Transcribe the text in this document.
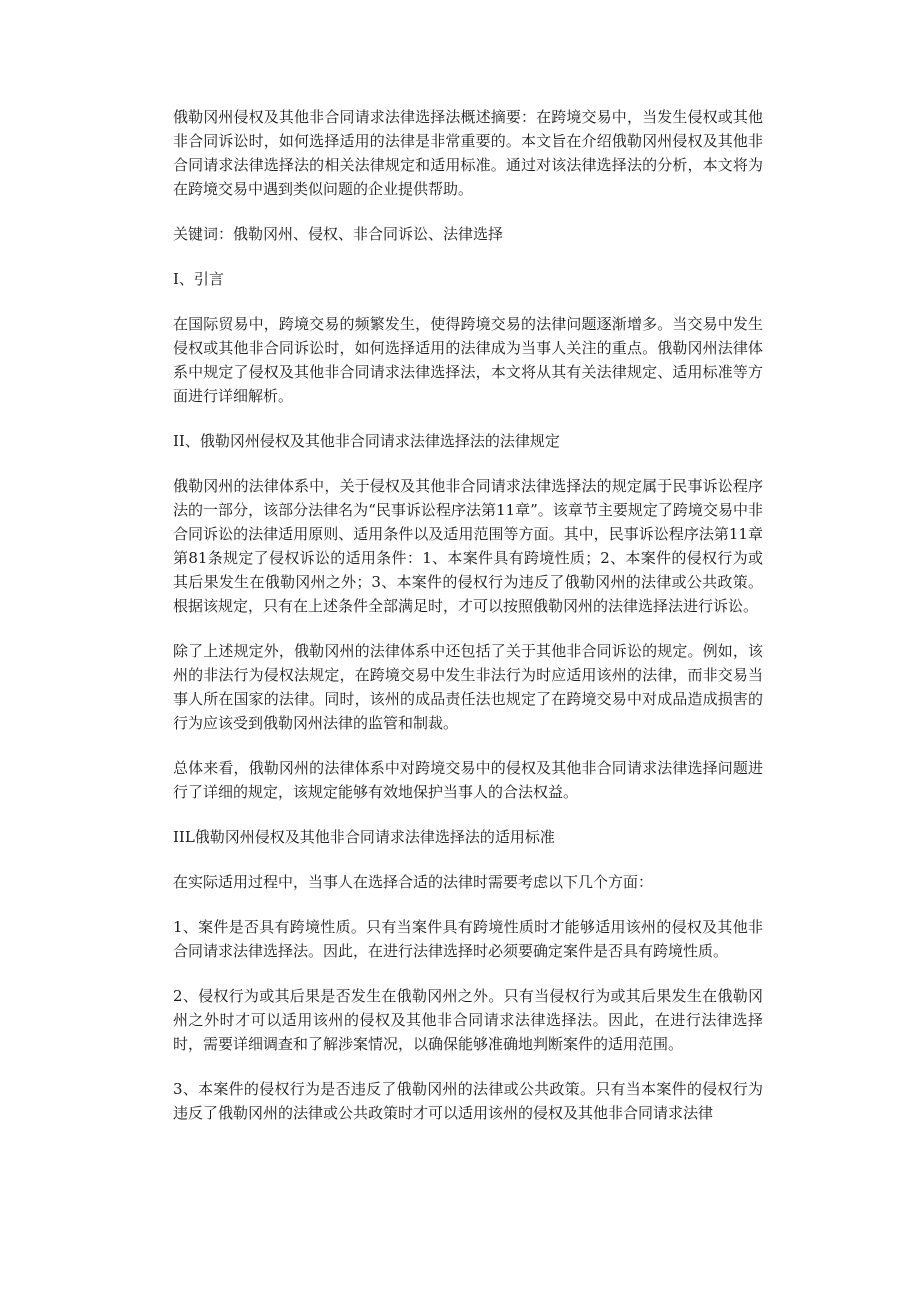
俄勒冈州侵权及其他非合同请求法律选择法概述摘要：在跨境交易中，当发生侵权或其他非合同诉讼时，如何选择适用的法律是非常重要的。本文旨在介绍俄勒冈州侵权及其他非合同请求法律选择法的相关法律规定和适用标准。通过对该法律选择法的分析，本文将为在跨境交易中遇到类似问题的企业提供帮助。

关键词：俄勒冈州、侵权、非合同诉讼、法律选择

I、引言

在国际贸易中，跨境交易的频繁发生，使得跨境交易的法律问题逐渐增多。当交易中发生侵权或其他非合同诉讼时，如何选择适用的法律成为当事人关注的重点。俄勒冈州法律体系中规定了侵权及其他非合同请求法律选择法，本文将从其有关法律规定、适用标准等方面进行详细解析。

II、俄勒冈州侵权及其他非合同请求法律选择法的法律规定

俄勒冈州的法律体系中，关于侵权及其他非合同请求法律选择法的规定属于民事诉讼程序法的一部分，该部分法律名为“民事诉讼程序法第11章”。该章节主要规定了跨境交易中非合同诉讼的法律适用原则、适用条件以及适用范围等方面。其中，民事诉讼程序法第11章第81条规定了侵权诉讼的适用条件：1、本案件具有跨境性质；2、本案件的侵权行为或其后果发生在俄勒冈州之外；3、本案件的侵权行为违反了俄勒冈州的法律或公共政策。根据该规定，只有在上述条件全部满足时，才可以按照俄勒冈州的法律选择法进行诉讼。

除了上述规定外，俄勒冈州的法律体系中还包括了关于其他非合同诉讼的规定。例如，该州的非法行为侵权法规定，在跨境交易中发生非法行为时应适用该州的法律，而非交易当事人所在国家的法律。同时，该州的成品责任法也规定了在跨境交易中对成品造成损害的行为应该受到俄勒冈州法律的监管和制裁。

总体来看，俄勒冈州的法律体系中对跨境交易中的侵权及其他非合同请求法律选择问题进行了详细的规定，该规定能够有效地保护当事人的合法权益。

IIL俄勒冈州侵权及其他非合同请求法律选择法的适用标准

在实际适用过程中，当事人在选择合适的法律时需要考虑以下几个方面：

1、案件是否具有跨境性质。只有当案件具有跨境性质时才能够适用该州的侵权及其他非合同请求法律选择法。因此，在进行法律选择时必须要确定案件是否具有跨境性质。

2、侵权行为或其后果是否发生在俄勒冈州之外。只有当侵权行为或其后果发生在俄勒冈州之外时才可以适用该州的侵权及其他非合同请求法律选择法。因此，在进行法律选择时，需要详细调查和了解涉案情况，以确保能够准确地判断案件的适用范围。

3、本案件的侵权行为是否违反了俄勒冈州的法律或公共政策。只有当本案件的侵权行为违反了俄勒冈州的法律或公共政策时才可以适用该州的侵权及其他非合同请求法律
